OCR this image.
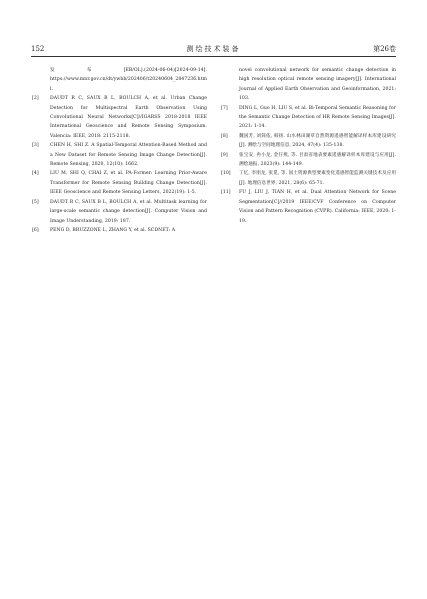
152	测绘技术装备	第26卷

发布[EB/OL].(2024-06-04)[2024-09-14]. https://www.mnr.gov.cn/dt/ywbb/202406/t20240604_2847236.html.

[2] DAUDT R C, SAUX B L, BOULCH A, et al. Urban Change Detection for Multispectral Earth Observation Using Convolutional Neural Networks[C]//IGARSS 2018-2018 IEEE International Geoscience and Remote Sensing Symposium. Valencia: IEEE, 2018: 2115-2118.

[3] CHEN H, SHI Z. A Spatial-Temporal Attention-Based Method and a New Dataset for Remote Sensing Image Change Detection[J]. Remote Sensing, 2020, 12(10): 1662.

[4] LIU M, SHI Q, CHAI Z, et al. PA-Former: Learning Prior-Aware Transformer for Remote Sensing Building Change Detection[J]. IEEE Geoscience and Remote Sensing Letters, 2022(19): 1-5.

[5] DAUDT R C, SAUX B L, BOULCH A, et al. Multitask learning for large-scale semantic change detection[J]. Computer Vision and Image Understanding, 2019: 187.

[6] PENG D, BRUZZONE L, ZHANG Y, et al. SCDNET: A

novel convolutional network for semantic change detection in high resolution optical remote sensing imagery[J]. International Journal of Applied Earth Observation and Geoinformation, 2021: 103.

[7] DING L, Guo H, LIU S, et al. Bi-Temporal Semantic Reasoning for the Semantic Change Detection of HR Remote Sensing Images[J]. 2021: 1-14.

[8] 魏国芳, 刘简依, 韩扬. 山水林田湖草自然资源遥感智能解译样本库建设研究[J]. 测绘与空间地理信息, 2024, 47(4): 135-138.

[9] 张宝安, 冉小龙, 金仔燕, 等. 甘肃省地表要素遥感解译样本库建设与应用[J]. 测绘通报, 2023(9): 144-149.

[10] 丁忆, 李朋龙, 张觅, 等. 国土资源典型要素变化遥感智能监测关键技术及应用[J]. 地理信息世界, 2021, 28(6): 65-71.

[11] FU J, LIU J, TIAN H, et al. Dual Attention Network for Scene Segmentation[C]//2019 IEEE/CVF Conference on Computer Vision and Pattern Recognition (CVPR). California: IEEE, 2020: 1-19.
